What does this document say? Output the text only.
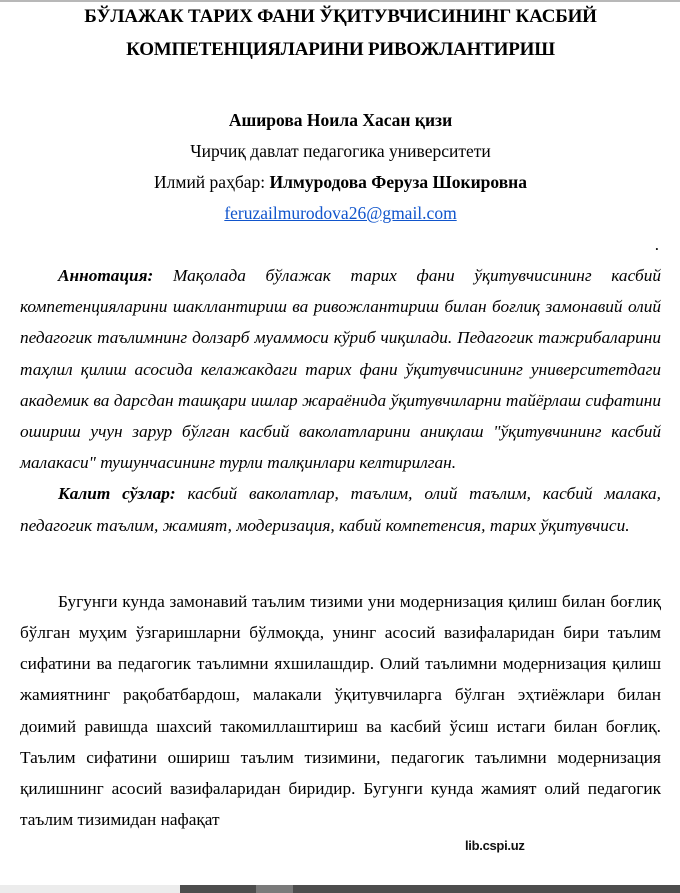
БЎЛАЖАК ТАРИХ ФАНИ ЎҚИТУВЧИСИНИНГ КАСБИЙ
КОМПЕТЕНЦИЯЛАРИНИ РИВОЖЛАНТИРИШ
Аширова Ноила Хасан қизи
Чирчиқ давлат педагогика университети
Илмий раҳбар: Илмуродова Феруза Шокировна
feruzailmurodova26@gmail.com
.

Аннотация: Мақолада бўлажак тарих фани ўқитувчисининг касбий компетенцияларини шакллантириш ва ривожлантириш билан боғлиқ замонавий олий педагогик таълимнинг долзарб муаммоси кўриб чиқилади. Педагогик тажрибаларини таҳлил қилиш асосида келажакдаги тарих фани ўқитувчисининг университетдаги академик ва дарсдан ташқари ишлар жараёнида ўқитувчиларни тайёрлаш сифатини ошириш учун зарур бўлган касбий ваколатларини аниқлаш "ўқитувчининг касбий малакаси" тушунчасининг турли талқинлари келтирилган.

Калит сўзлар: касбий ваколатлар, таълим, олий таълим, касбий малака, педагогик таълим, жамият, модеризация, кабий компетенсия, тарих ўқитувчиси.

Бугунги кунда замонавий таълим тизими уни модернизация қилиш билан боғлиқ бўлган муҳим ўзгаришларни бўлмоқда, унинг асосий вазифаларидан бири таълим сифатини ва педагогик таълимни яхшилашдир. Олий таълимни модернизация қилиш жамиятнинг рақобатбардош, малакали ўқитувчиларга бўлган эҳтиёжлари билан доимий равишда шахсий такомиллаштириш ва касбий ўсиш истаги билан боғлиқ. Таълим сифатини ошириш таълим тизимини, педагогик таълимни модернизация қилишнинг асосий вазифаларидан биридир. Бугунги кунда жамият олий педагогик таълим тизимидан нафақат

lib.cspi.uz
